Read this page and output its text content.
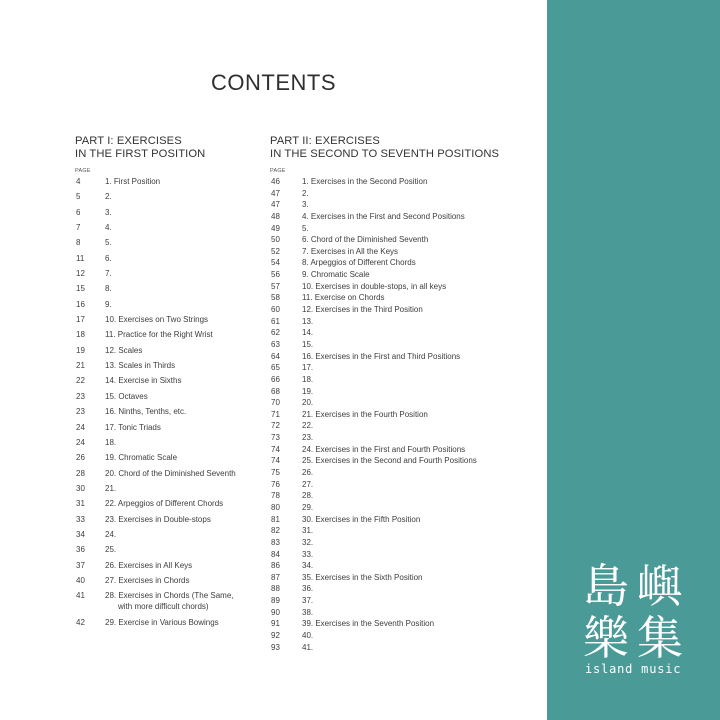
CONTENTS
PART I: EXERCISES
IN THE FIRST POSITION
PAGE
4	1. First Position
5	2.
6	3.
7	4.
8	5.
11	6.
12	7.
15	8.
16	9.
17	10. Exercises on Two Strings
18	11. Practice for the Right Wrist
19	12. Scales
21	13. Scales in Thirds
22	14. Exercise in Sixths
23	15. Octaves
23	16. Ninths, Tenths, etc.
24	17. Tonic Triads
24	18.
26	19. Chromatic Scale
28	20. Chord of the Diminished Seventh
30	21.
31	22. Arpeggios of Different Chords
33	23. Exercises in Double-stops
34	24.
36	25.
37	26. Exercises in All Keys
40	27. Exercises in Chords
41	28. Exercises in Chords (The Same,
with more difficult chords)
42	29. Exercise in Various Bowings
PART II: EXERCISES
IN THE SECOND TO SEVENTH POSITIONS
PAGE
46	1. Exercises in the Second Position
47	2.
47	3.
48	4. Exercises in the First and Second Positions
49	5.
50	6. Chord of the Diminished Seventh
52	7. Exercises in All the Keys
54	8. Arpeggios of Different Chords
56	9. Chromatic Scale
57	10. Exercises in double-stops, in all keys
58	11. Exercise on Chords
60	12. Exercises in the Third Position
61	13.
62	14.
63	15.
64	16. Exercises in the First and Third Positions
65	17.
66	18.
68	19.
70	20.
71	21. Exercises in the Fourth Position
72	22.
73	23.
74	24. Exercises in the First and Fourth Positions
74	25. Exercises in the Second and Fourth Positions
75	26.
76	27.
78	28.
80	29.
81	30. Exercises in the Fifth Position
82	31.
83	32.
84	33.
86	34.
87	35. Exercises in the Sixth Position
88	36.
89	37.
90	38.
91	39. Exercises in the Seventh Position
92	40.
93	41.
島嶼
樂集
island music
